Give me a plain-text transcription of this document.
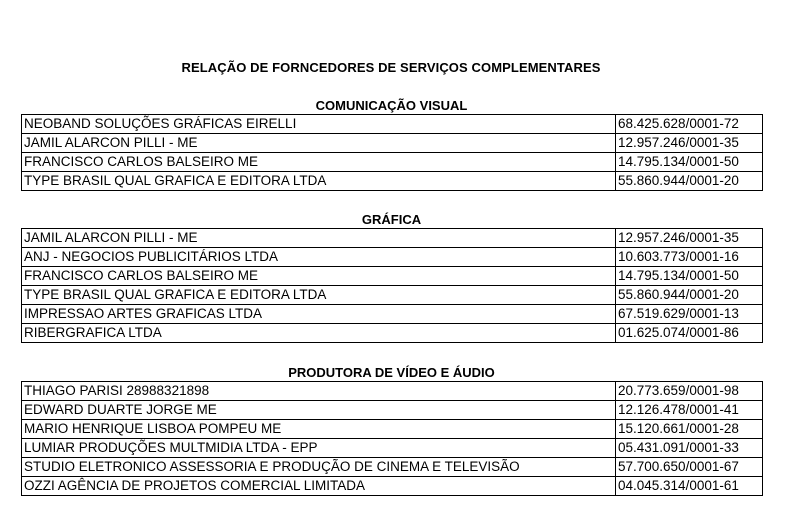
RELAÇÃO DE FORNCEDORES DE SERVIÇOS COMPLEMENTARES
COMUNICAÇÃO VISUAL
NEOBAND SOLUÇÕES GRÁFICAS EIRELLI	68.425.628/0001-72
JAMIL ALARCON PILLI - ME	12.957.246/0001-35
FRANCISCO CARLOS BALSEIRO ME	14.795.134/0001-50
TYPE BRASIL QUAL GRAFICA E EDITORA LTDA	55.860.944/0001-20
GRÁFICA
JAMIL ALARCON PILLI - ME	12.957.246/0001-35
ANJ - NEGOCIOS PUBLICITÁRIOS LTDA	10.603.773/0001-16
FRANCISCO CARLOS BALSEIRO ME	14.795.134/0001-50
TYPE BRASIL QUAL GRAFICA E EDITORA LTDA	55.860.944/0001-20
IMPRESSAO ARTES GRAFICAS LTDA	67.519.629/0001-13
RIBERGRAFICA LTDA	01.625.074/0001-86
PRODUTORA DE VÍDEO E ÁUDIO
THIAGO PARISI 28988321898	20.773.659/0001-98
EDWARD DUARTE JORGE ME	12.126.478/0001-41
MARIO HENRIQUE LISBOA POMPEU ME	15.120.661/0001-28
LUMIAR PRODUÇÕES MULTMIDIA LTDA - EPP	05.431.091/0001-33
STUDIO ELETRONICO ASSESSORIA E PRODUÇÃO DE CINEMA E TELEVISÃO	57.700.650/0001-67
OZZI AGÊNCIA DE PROJETOS COMERCIAL LIMITADA	04.045.314/0001-61
